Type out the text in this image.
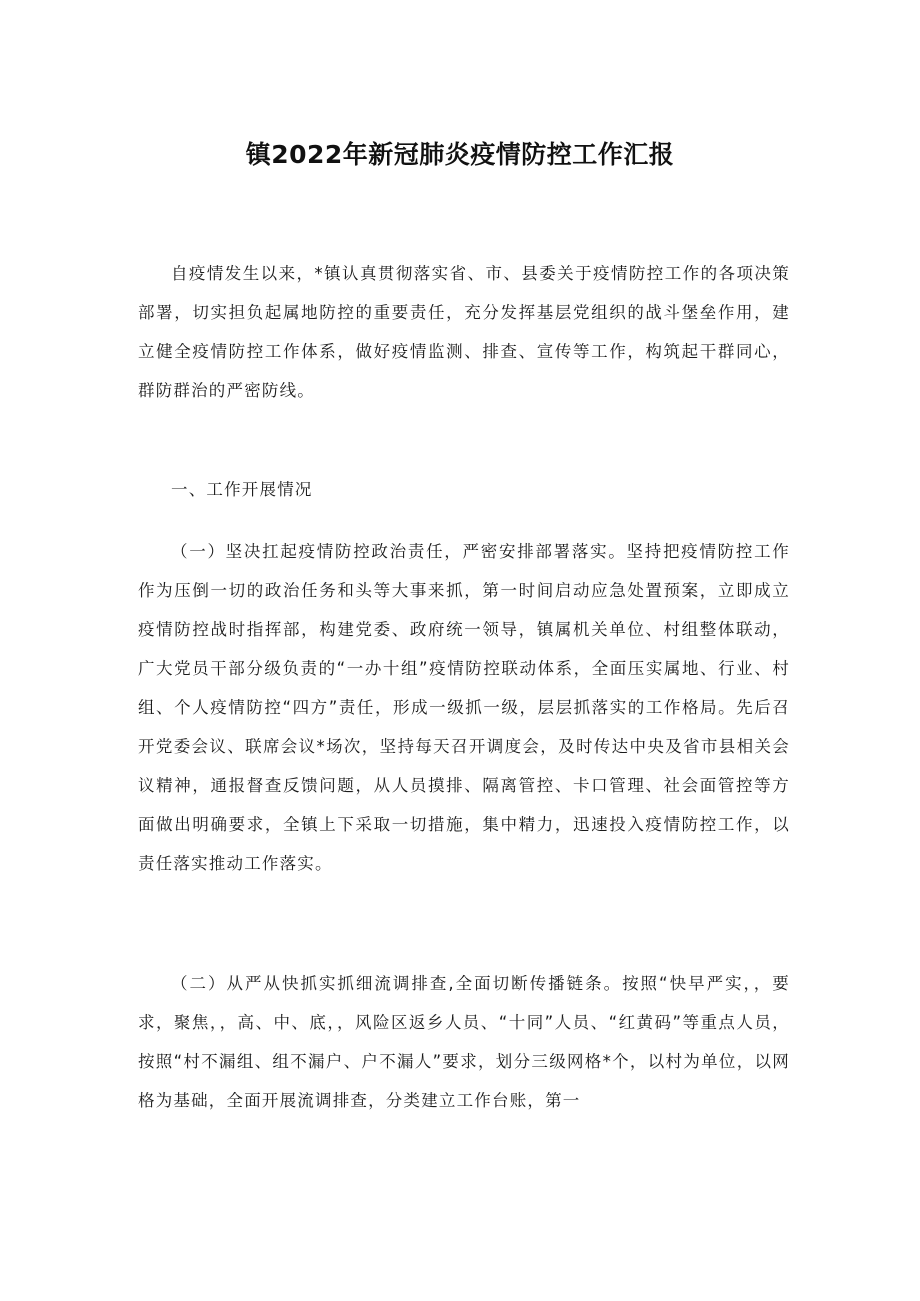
镇2022年新冠肺炎疫情防控工作汇报

自疫情发生以来，*镇认真贯彻落实省、市、县委关于疫情防控工作的各项决策部署，切实担负起属地防控的重要责任，充分发挥基层党组织的战斗堡垒作用，建立健全疫情防控工作体系，做好疫情监测、排查、宣传等工作，构筑起干群同心，群防群治的严密防线。

一、工作开展情况

（一）坚决扛起疫情防控政治责任，严密安排部署落实。坚持把疫情防控工作作为压倒一切的政治任务和头等大事来抓，第一时间启动应急处置预案，立即成立疫情防控战时指挥部，构建党委、政府统一领导，镇属机关单位、村组整体联动，广大党员干部分级负责的“一办十组”疫情防控联动体系，全面压实属地、行业、村组、个人疫情防控“四方”责任，形成一级抓一级，层层抓落实的工作格局。先后召开党委会议、联席会议*场次，坚持每天召开调度会，及时传达中央及省市县相关会议精神，通报督查反馈问题，从人员摸排、隔离管控、卡口管理、社会面管控等方面做出明确要求，全镇上下采取一切措施，集中精力，迅速投入疫情防控工作，以责任落实推动工作落实。

（二）从严从快抓实抓细流调排查,全面切断传播链条。按照“快早严实，，要求，聚焦，，高、中、底，，风险区返乡人员、“十同”人员、“红黄码”等重点人员，按照“村不漏组、组不漏户、户不漏人”要求，划分三级网格*个，以村为单位，以网格为基础，全面开展流调排查，分类建立工作台账，第一
